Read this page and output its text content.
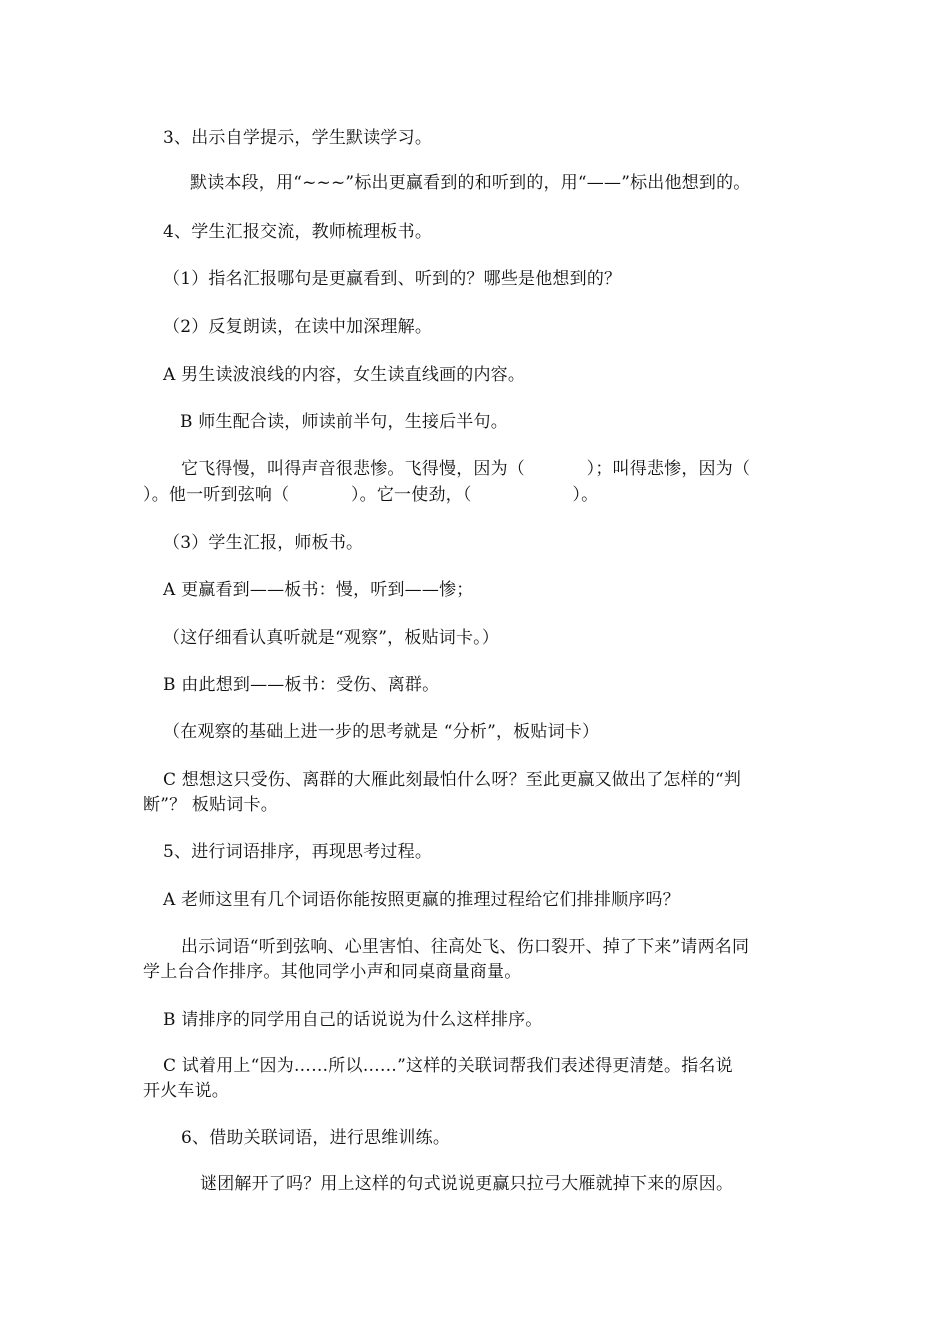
3、出示自学提示，学生默读学习。

默读本段，用“~~~”标出更赢看到的和听到的，用“——”标出他想到的。

4、学生汇报交流，教师梳理板书。

（1）指名汇报哪句是更赢看到、听到的？哪些是他想到的？

（2）反复朗读，在读中加深理解。

A 男生读波浪线的内容，女生读直线画的内容。

B 师生配合读，师读前半句，生接后半句。

它飞得慢，叫得声音很悲惨。飞得慢，因为（           ）；叫得悲惨，因为（

）。他一听到弦响（           ）。它一使劲，（                  ）。

（3）学生汇报，师板书。

A 更赢看到——板书：慢，听到——惨；

（这仔细看认真听就是“观察”，板贴词卡。）

B 由此想到——板书：受伤、离群。

（在观察的基础上进一步的思考就是 “分析”，板贴词卡）

C 想想这只受伤、离群的大雁此刻最怕什么呀？至此更赢又做出了怎样的“判

断”？ 板贴词卡。

5、进行词语排序，再现思考过程。

A 老师这里有几个词语你能按照更赢的推理过程给它们排排顺序吗？

出示词语“听到弦响、心里害怕、往高处飞、伤口裂开、掉了下来”请两名同

学上台合作排序。其他同学小声和同桌商量商量。

B 请排序的同学用自己的话说说为什么这样排序。

C 试着用上“因为……所以……”这样的关联词帮我们表述得更清楚。指名说

开火车说。

6、借助关联词语，进行思维训练。

谜团解开了吗？用上这样的句式说说更赢只拉弓大雁就掉下来的原因。
